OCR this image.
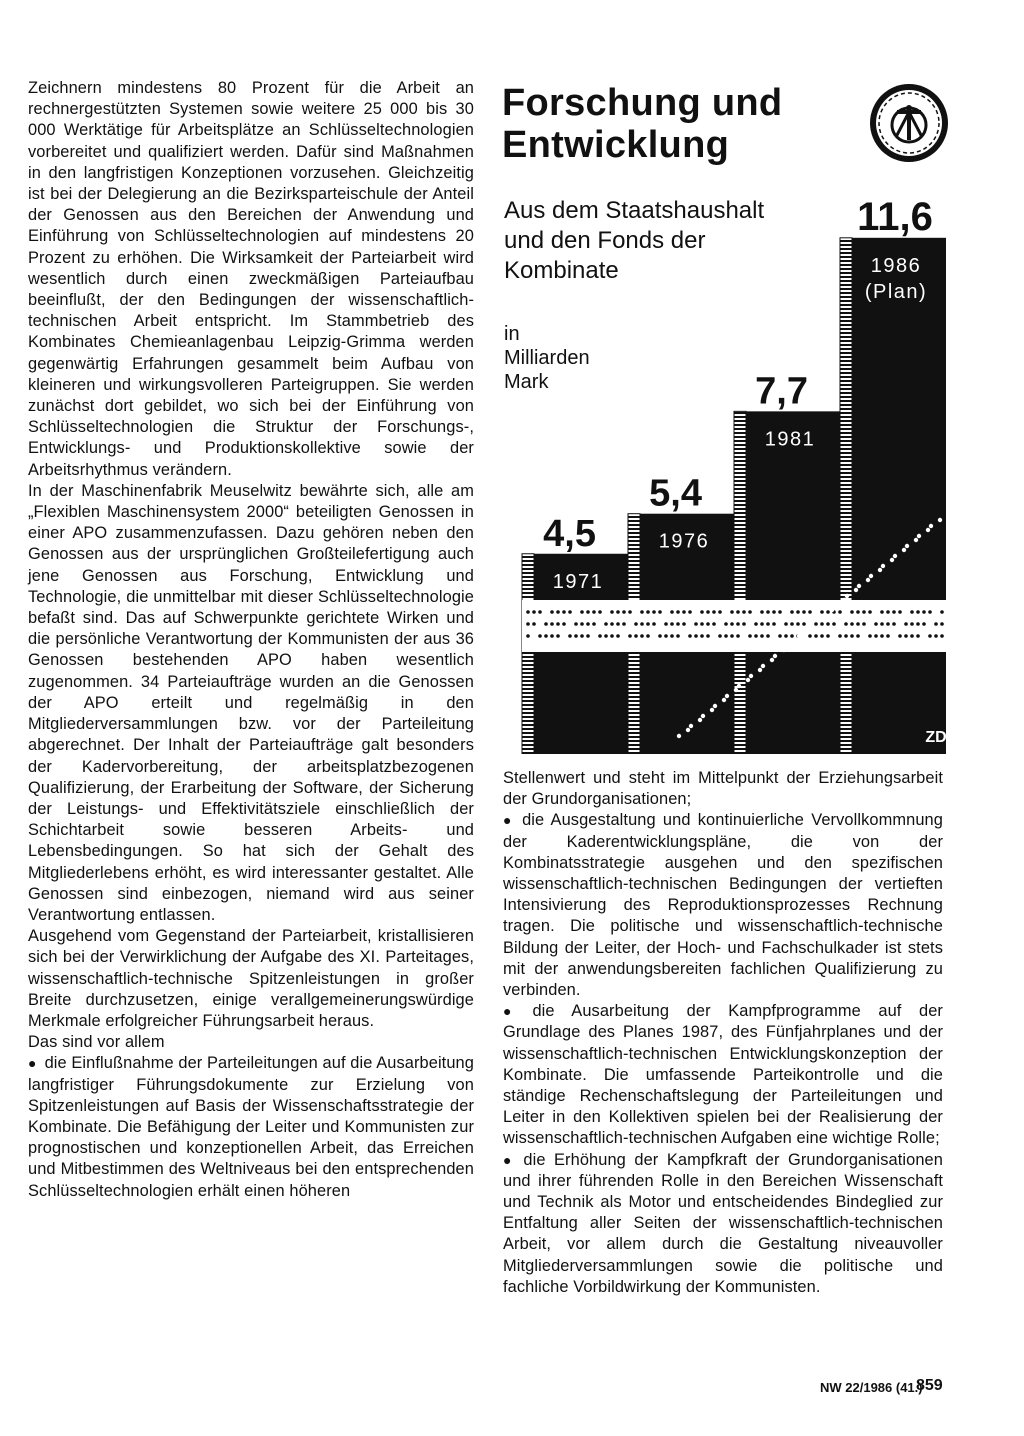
Zeichnern mindestens 80 Prozent für die Arbeit an rechnergestützten Systemen sowie weitere 25 000 bis 30 000 Werktätige für Arbeitsplätze an Schlüsseltechnologien vorbereitet und qualifiziert werden. Dafür sind Maßnahmen in den langfristigen Konzeptionen vorzusehen. Gleichzeitig ist bei der Delegierung an die Bezirksparteischule der Anteil der Genossen aus den Bereichen der Anwendung und Einführung von Schlüsseltechnologien auf mindestens 20 Prozent zu erhöhen. Die Wirksamkeit der Parteiarbeit wird wesentlich durch einen zweckmäßigen Parteiaufbau beeinflußt, der den Bedingungen der wissenschaftlich-technischen Arbeit entspricht. Im Stammbetrieb des Kombinates Chemieanlagenbau Leipzig-Grimma werden gegenwärtig Erfahrungen gesammelt beim Aufbau von kleineren und wirkungsvolleren Parteigruppen. Sie werden zunächst dort gebildet, wo sich bei der Einführung von Schlüsseltechnologien die Struktur der Forschungs-, Entwicklungs- und Produktionskollektive sowie der Arbeitsrhythmus verändern.

In der Maschinenfabrik Meuselwitz bewährte sich, alle am „Flexiblen Maschinensystem 2000“ beteiligten Genossen in einer APO zusammenzufassen. Dazu gehören neben den Genossen aus der ursprünglichen Großteilefertigung auch jene Genossen aus Forschung, Entwicklung und Technologie, die unmittelbar mit dieser Schlüsseltechnologie befaßt sind. Das auf Schwerpunkte gerichtete Wirken und die persönliche Verantwortung der Kommunisten der aus 36 Genossen bestehenden APO haben wesentlich zugenommen. 34 Parteiaufträge wurden an die Genossen der APO erteilt und regelmäßig in den Mitgliederversammlungen bzw. vor der Parteileitung abgerechnet. Der Inhalt der Parteiaufträge galt besonders der Kadervorbereitung, der arbeitsplatzbezogenen Qualifizierung, der Erarbeitung der Software, der Sicherung der Leistungs- und Effektivitätsziele einschließlich der Schichtarbeit sowie besseren Arbeits- und Lebensbedingungen. So hat sich der Gehalt des Mitgliederlebens erhöht, es wird interessanter gestaltet. Alle Genossen sind einbezogen, niemand wird aus seiner Verantwortung entlassen.

Ausgehend vom Gegenstand der Parteiarbeit, kristallisieren sich bei der Verwirklichung der Aufgabe des XI. Parteitages, wissenschaftlich-technische Spitzenleistungen in großer Breite durchzusetzen, einige verallgemeinerungswürdige Merkmale erfolgreicher Führungsarbeit heraus.

Das sind vor allem

● die Einflußnahme der Parteileitungen auf die Ausarbeitung langfristiger Führungsdokumente zur Erzielung von Spitzenleistungen auf Basis der Wissenschaftsstrategie der Kombinate. Die Befähigung der Leiter und Kommunisten zur prognostischen und konzeptionellen Arbeit, das Erreichen und Mitbestimmen des Weltniveaus bei den entsprechenden Schlüsseltechnologien erhält einen höheren

Forschung und
Entwicklung
Aus dem Staatshaushalt
und den Fonds der
Kombinate
in
Milliarden
Mark
4,5
1971
5,4
1976
7,7
1981
11,6
1986
(Plan)
ZD

Stellenwert und steht im Mittelpunkt der Erziehungsarbeit der Grundorganisationen;

● die Ausgestaltung und kontinuierliche Vervollkommnung der Kaderentwicklungspläne, die von der Kombinatsstrategie ausgehen und den spezifischen wissenschaftlich-technischen Bedingungen der vertieften Intensivierung des Reproduktionsprozesses Rechnung tragen. Die politische und wissenschaftlich-technische Bildung der Leiter, der Hoch- und Fachschulkader ist stets mit der anwendungsbereiten fachlichen Qualifizierung zu verbinden.

● die Ausarbeitung der Kampfprogramme auf der Grundlage des Planes 1987, des Fünfjahrplanes und der wissenschaftlich-technischen Entwicklungskonzeption der Kombinate. Die umfassende Parteikontrolle und die ständige Rechenschaftslegung der Parteileitungen und Leiter in den Kollektiven spielen bei der Realisierung der wissenschaftlich-technischen Aufgaben eine wichtige Rolle;

● die Erhöhung der Kampfkraft der Grundorganisationen und ihrer führenden Rolle in den Bereichen Wissenschaft und Technik als Motor und entscheidendes Bindeglied zur Entfaltung aller Seiten der wissenschaftlich-technischen Arbeit, vor allem durch die Gestaltung niveauvoller Mitgliederversammlungen sowie die politische und fachliche Vorbildwirkung der Kommunisten.

NW 22/1986 (41.)
859
